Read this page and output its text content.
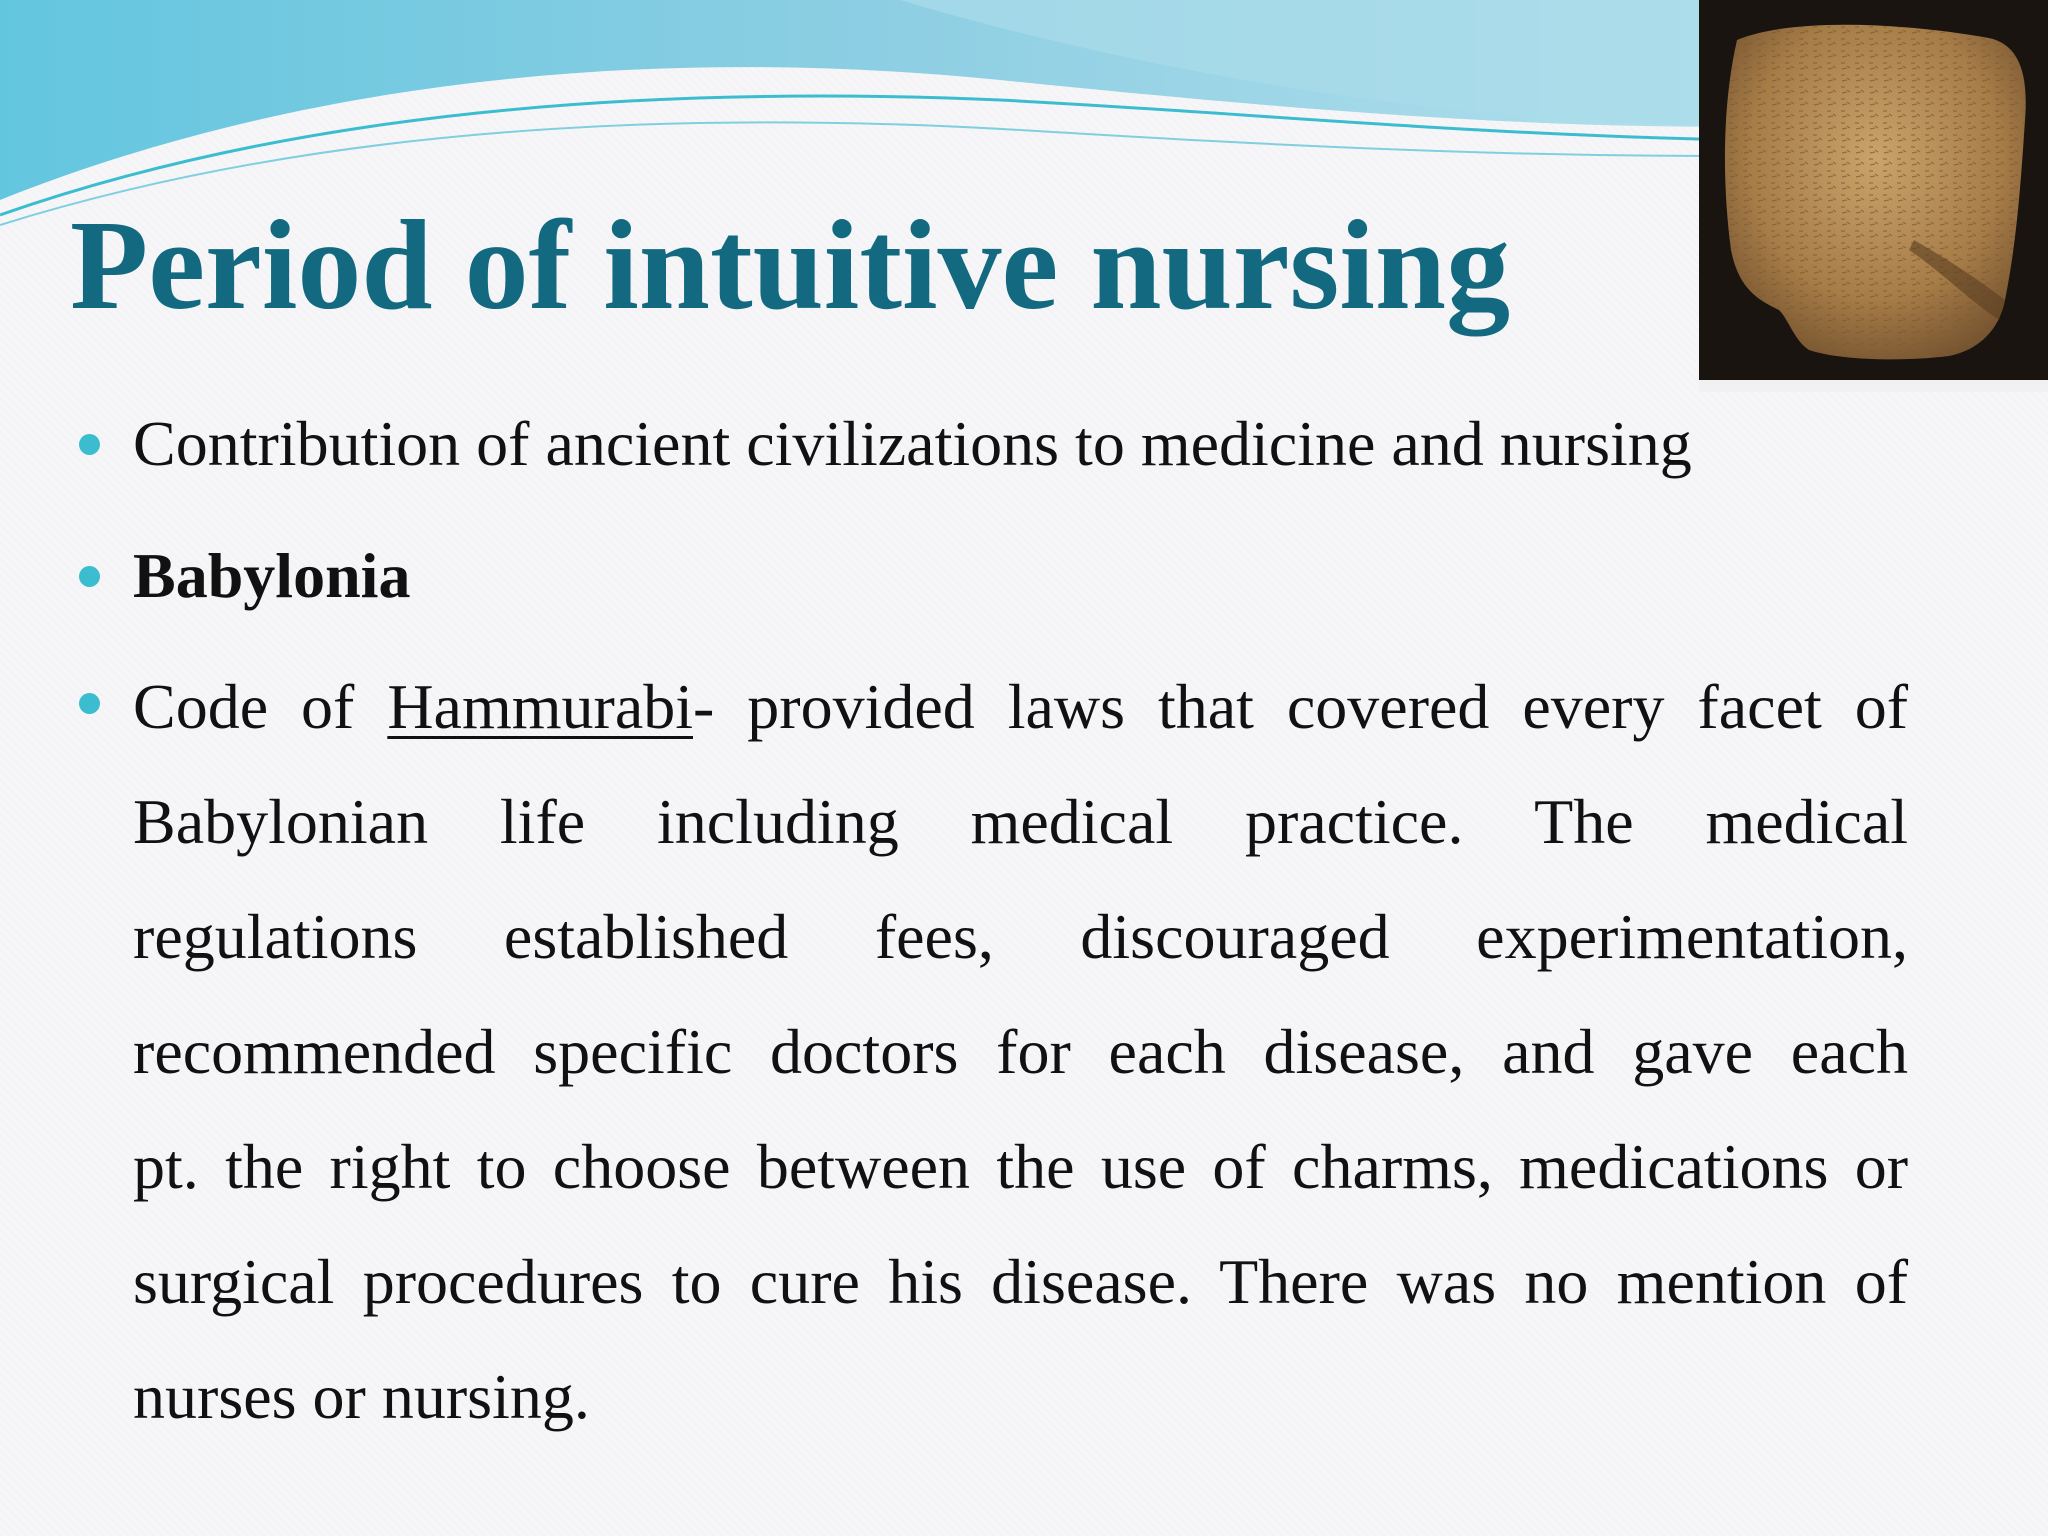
Period of intuitive nursing
Contribution of ancient civilizations to medicine and nursing
Babylonia
Code of Hammurabi- provided laws that covered every facet of
Babylonian life including medical practice. The medical
regulations established fees, discouraged experimentation,
recommended specific doctors for each disease, and gave each
pt. the right to choose between the use of charms, medications or
surgical procedures to cure his disease. There was no mention of
nurses or nursing.
